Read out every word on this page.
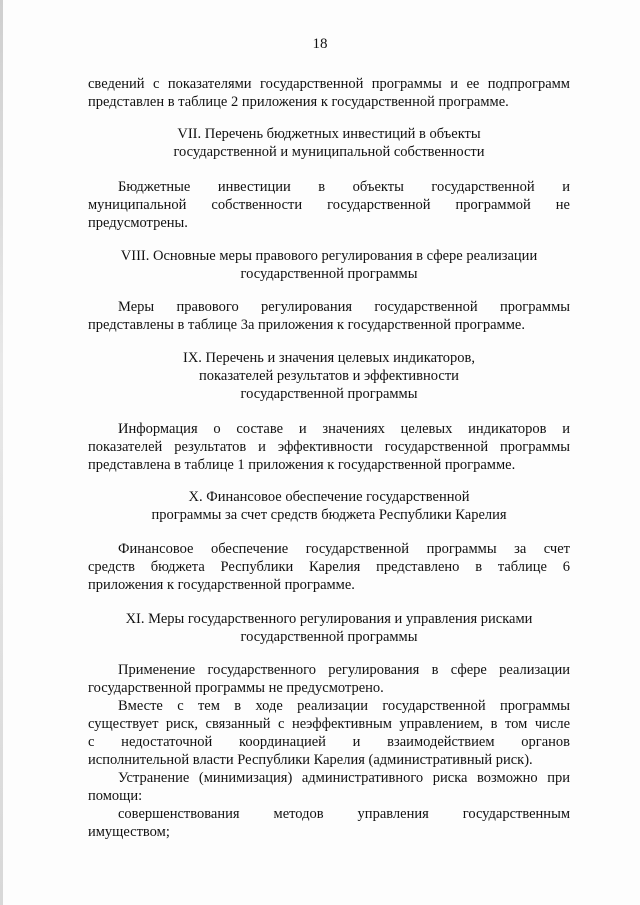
18
сведений с показателями государственной программы и ее подпрограмм
представлен в таблице 2 приложения к государственной программе.
VII. Перечень бюджетных инвестиций в объекты
государственной и муниципальной собственности
Бюджетные инвестиции в объекты государственной и
муниципальной собственности государственной программой не
предусмотрены.
VIII. Основные меры правового регулирования в сфере реализации
государственной программы
Меры правового регулирования государственной программы
представлены в таблице 3а приложения к государственной программе.
IX. Перечень и значения целевых индикаторов,
показателей результатов и эффективности
государственной программы
Информация о составе и значениях целевых индикаторов и
показателей результатов и эффективности государственной программы
представлена в таблице 1 приложения к государственной программе.
X. Финансовое обеспечение государственной
программы за счет средств бюджета Республики Карелия
Финансовое обеспечение государственной программы за счет
средств бюджета Республики Карелия представлено в таблице 6
приложения к государственной программе.
XI. Меры государственного регулирования и управления рисками
государственной программы
Применение государственного регулирования в сфере реализации
государственной программы не предусмотрено.
Вместе с тем в ходе реализации государственной программы
существует риск, связанный с неэффективным управлением, в том числе
с недостаточной координацией и взаимодействием органов
исполнительной власти Республики Карелия (административный риск).
Устранение (минимизация) административного риска возможно при
помощи:
совершенствования методов управления государственным
имуществом;
